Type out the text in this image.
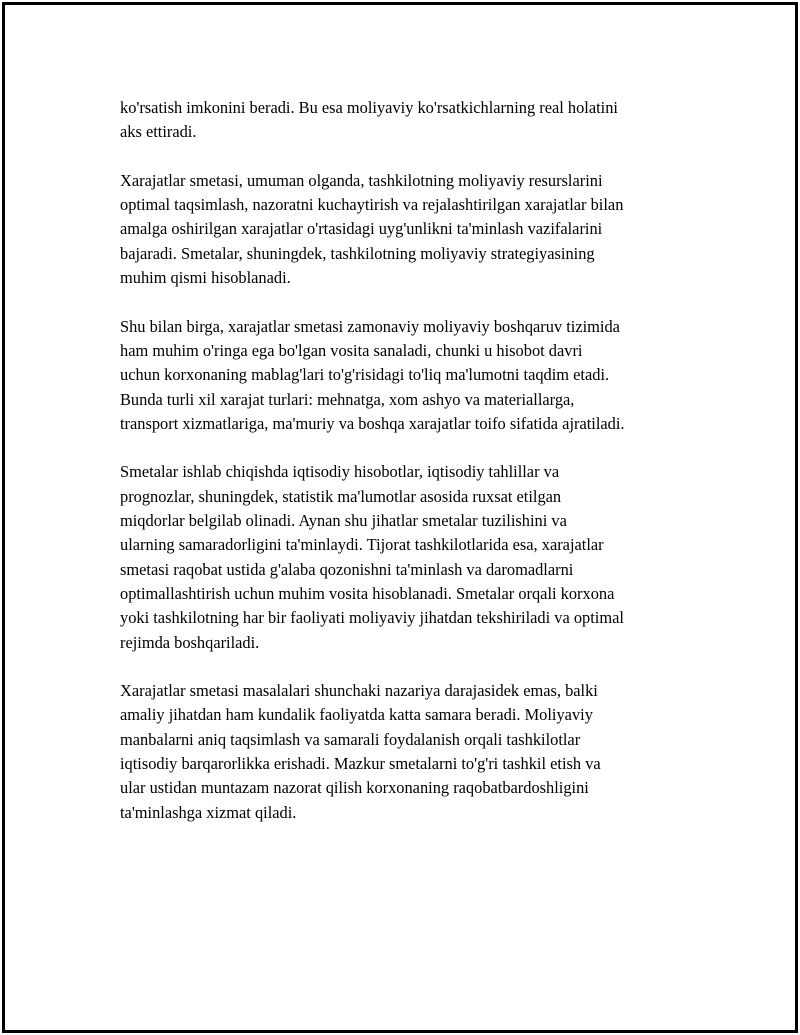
ko'rsatish imkonini beradi. Bu esa moliyaviy ko'rsatkichlarning real holatini
aks ettiradi.

Xarajatlar smetasi, umuman olganda, tashkilotning moliyaviy resurslarini
optimal taqsimlash, nazoratni kuchaytirish va rejalashtirilgan xarajatlar bilan
amalga oshirilgan xarajatlar o'rtasidagi uyg'unlikni ta'minlash vazifalarini
bajaradi. Smetalar, shuningdek, tashkilotning moliyaviy strategiyasining
muhim qismi hisoblanadi.

Shu bilan birga, xarajatlar smetasi zamonaviy moliyaviy boshqaruv tizimida
ham muhim o'ringa ega bo'lgan vosita sanaladi, chunki u hisobot davri
uchun korxonaning mablag'lari to'g'risidagi to'liq ma'lumotni taqdim etadi.
Bunda turli xil xarajat turlari: mehnatga, xom ashyo va materiallarga,
transport xizmatlariga, ma'muriy va boshqa xarajatlar toifo sifatida ajratiladi.

Smetalar ishlab chiqishda iqtisodiy hisobotlar, iqtisodiy tahlillar va
prognozlar, shuningdek, statistik ma'lumotlar asosida ruxsat etilgan
miqdorlar belgilab olinadi. Aynan shu jihatlar smetalar tuzilishini va
ularning samaradorligini ta'minlaydi. Tijorat tashkilotlarida esa, xarajatlar
smetasi raqobat ustida g'alaba qozonishni ta'minlash va daromadlarni
optimallashtirish uchun muhim vosita hisoblanadi. Smetalar orqali korxona
yoki tashkilotning har bir faoliyati moliyaviy jihatdan tekshiriladi va optimal
rejimda boshqariladi.

Xarajatlar smetasi masalalari shunchaki nazariya darajasidek emas, balki
amaliy jihatdan ham kundalik faoliyatda katta samara beradi. Moliyaviy
manbalarni aniq taqsimlash va samarali foydalanish orqali tashkilotlar
iqtisodiy barqarorlikka erishadi. Mazkur smetalarni to'g'ri tashkil etish va
ular ustidan muntazam nazorat qilish korxonaning raqobatbardoshligini
ta'minlashga xizmat qiladi.
